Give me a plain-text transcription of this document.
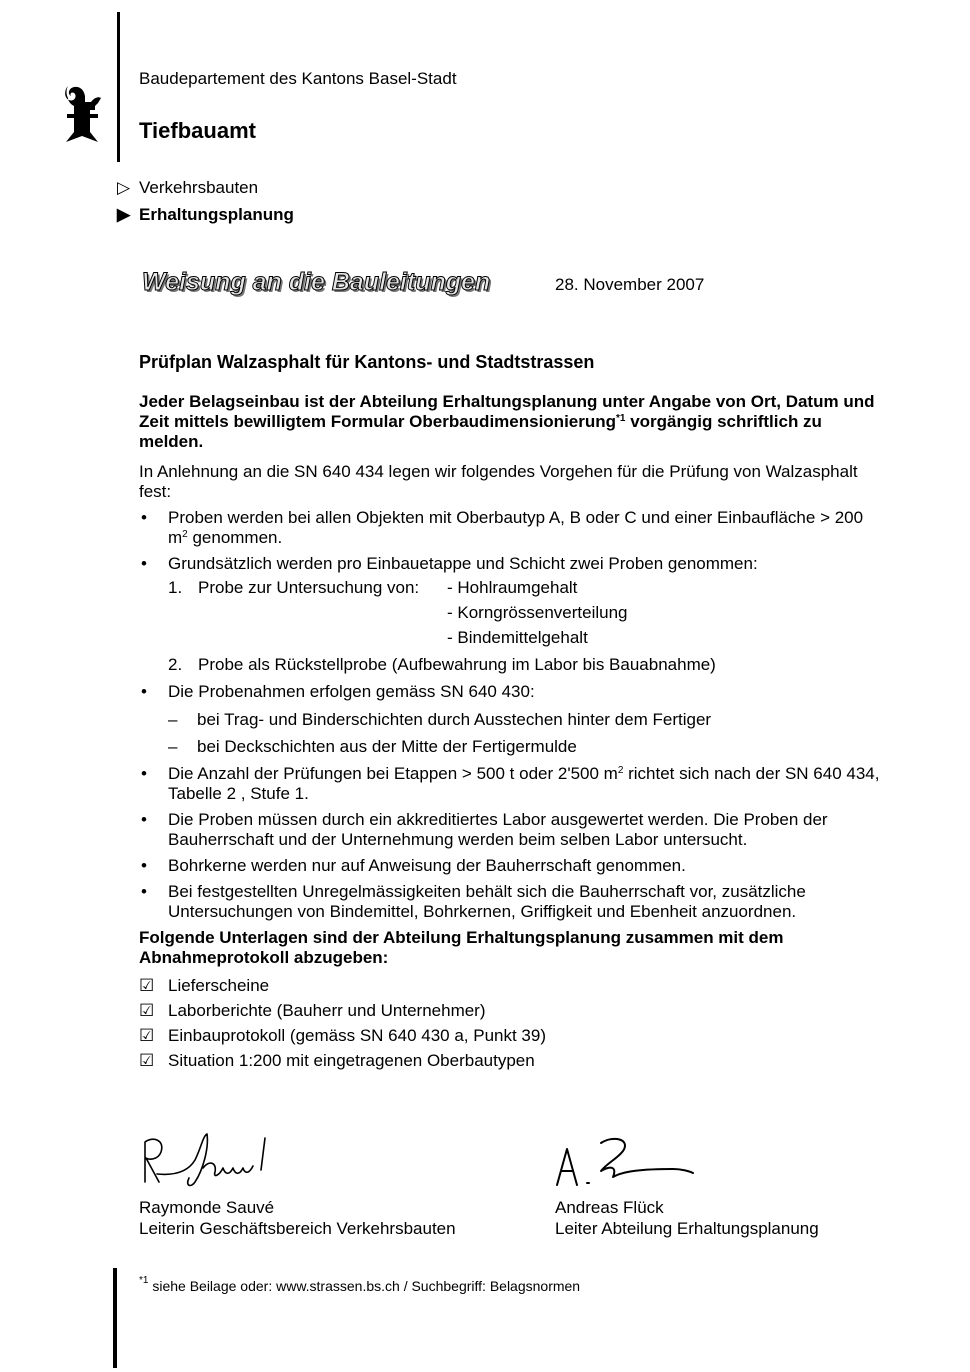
Baudepartement des Kantons Basel-Stadt
Tiefbauamt
▷ Verkehrsbauten
▶ Erhaltungsplanung
Weisung an die Bauleitungen	28. November 2007
Prüfplan Walzasphalt für Kantons- und Stadtstrassen
Jeder Belagseinbau ist der Abteilung Erhaltungsplanung unter Angabe von Ort, Datum und Zeit mittels bewilligtem Formular Oberbaudimensionierung$^{*1}$ vorgängig schriftlich zu melden.
In Anlehnung an die SN 640 434 legen wir folgendes Vorgehen für die Prüfung von Walzasphalt fest:
• Proben werden bei allen Objekten mit Oberbautyp A, B oder C und einer Einbaufläche > 200 $m^2$ genommen.
• Grundsätzlich werden pro Einbauetappe und Schicht zwei Proben genommen:
1. Probe zur Untersuchung von:	- Hohlraumgehalt
- Korngrössenverteilung
- Bindemittelgehalt
2. Probe als Rückstellprobe (Aufbewahrung im Labor bis Bauabnahme)
• Die Probenahmen erfolgen gemäss SN 640 430:
– bei Trag- und Binderschichten durch Ausstechen hinter dem Fertiger
– bei Deckschichten aus der Mitte der Fertigermulde
• Die Anzahl der Prüfungen bei Etappen > 500 t oder 2'500 $m^2$ richtet sich nach der SN 640 434, Tabelle 2 , Stufe 1.
• Die Proben müssen durch ein akkreditiertes Labor ausgewertet werden. Die Proben der Bauherrschaft und der Unternehmung werden beim selben Labor untersucht.
• Bohrkerne werden nur auf Anweisung der Bauherrschaft genommen.
• Bei festgestellten Unregelmässigkeiten behält sich die Bauherrschaft vor, zusätzliche Untersuchungen von Bindemittel, Bohrkernen, Griffigkeit und Ebenheit anzuordnen.
Folgende Unterlagen sind der Abteilung Erhaltungsplanung zusammen mit dem Abnahmeprotokoll abzugeben:
☑ Lieferscheine
☑ Laborberichte (Bauherr und Unternehmer)
☑ Einbauprotokoll (gemäss SN 640 430 a, Punkt 39)
☑ Situation 1:200 mit eingetragenen Oberbautypen
Raymonde Sauvé
Leiterin Geschäftsbereich Verkehrsbauten
Andreas Flück
Leiter Abteilung Erhaltungsplanung
$^{*1}$ siehe Beilage oder: www.strassen.bs.ch / Suchbegriff: Belagsnormen
